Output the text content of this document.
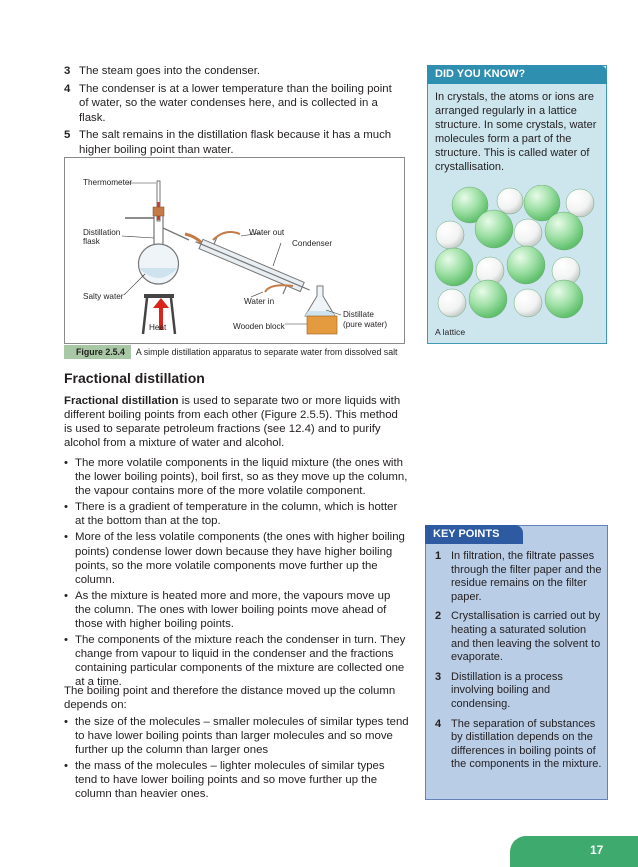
3 The steam goes into the condenser.
4 The condenser is at a lower temperature than the boiling point of water, so the water condenses here, and is collected in a flask.
5 The salt remains in the distillation flask because it has a much higher boiling point than water.
Thermometer
Distillation
flask
Water out
Condenser
Salty water
Water in
Distillate
(pure water)
Heat	Wooden block
Figure 2.5.4 A simple distillation apparatus to separate water from dissolved salt
Fractional distillation

Fractional distillation is used to separate two or more liquids with different boiling points from each other (Figure 2.5.5). This method is used to separate petroleum fractions (see 12.4) and to purify alcohol from a mixture of water and alcohol.

• The more volatile components in the liquid mixture (the ones with the lower boiling points), boil first, so as they move up the column, the vapour contains more of the more volatile component.
• There is a gradient of temperature in the column, which is hotter at the bottom than at the top.
• More of the less volatile components (the ones with higher boiling points) condense lower down because they have higher boiling points, so the more volatile components move further up the column.
• As the mixture is heated more and more, the vapours move up the column. The ones with lower boiling points move ahead of those with higher boiling points.
• The components of the mixture reach the condenser in turn. They change from vapour to liquid in the condenser and the fractions containing particular components of the mixture are collected one at a time.

The boiling point and therefore the distance moved up the column depends on:

• the size of the molecules – smaller molecules of similar types tend to have lower boiling points than larger molecules and so move further up the column than larger ones
• the mass of the molecules – lighter molecules of similar types tend to have lower boiling points and so move further up the column than heavier ones.
DID YOU KNOW?

In crystals, the atoms or ions are arranged regularly in a lattice structure. In some crystals, water molecules form a part of the structure. This is called water of crystallisation.

A lattice
KEY POINTS
1 In filtration, the filtrate passes through the filter paper and the residue remains on the filter paper.
2 Crystallisation is carried out by heating a saturated solution and then leaving the solvent to evaporate.
3 Distillation is a process involving boiling and condensing.
4 The separation of substances by distillation depends on the differences in boiling points of the components in the mixture.
17
